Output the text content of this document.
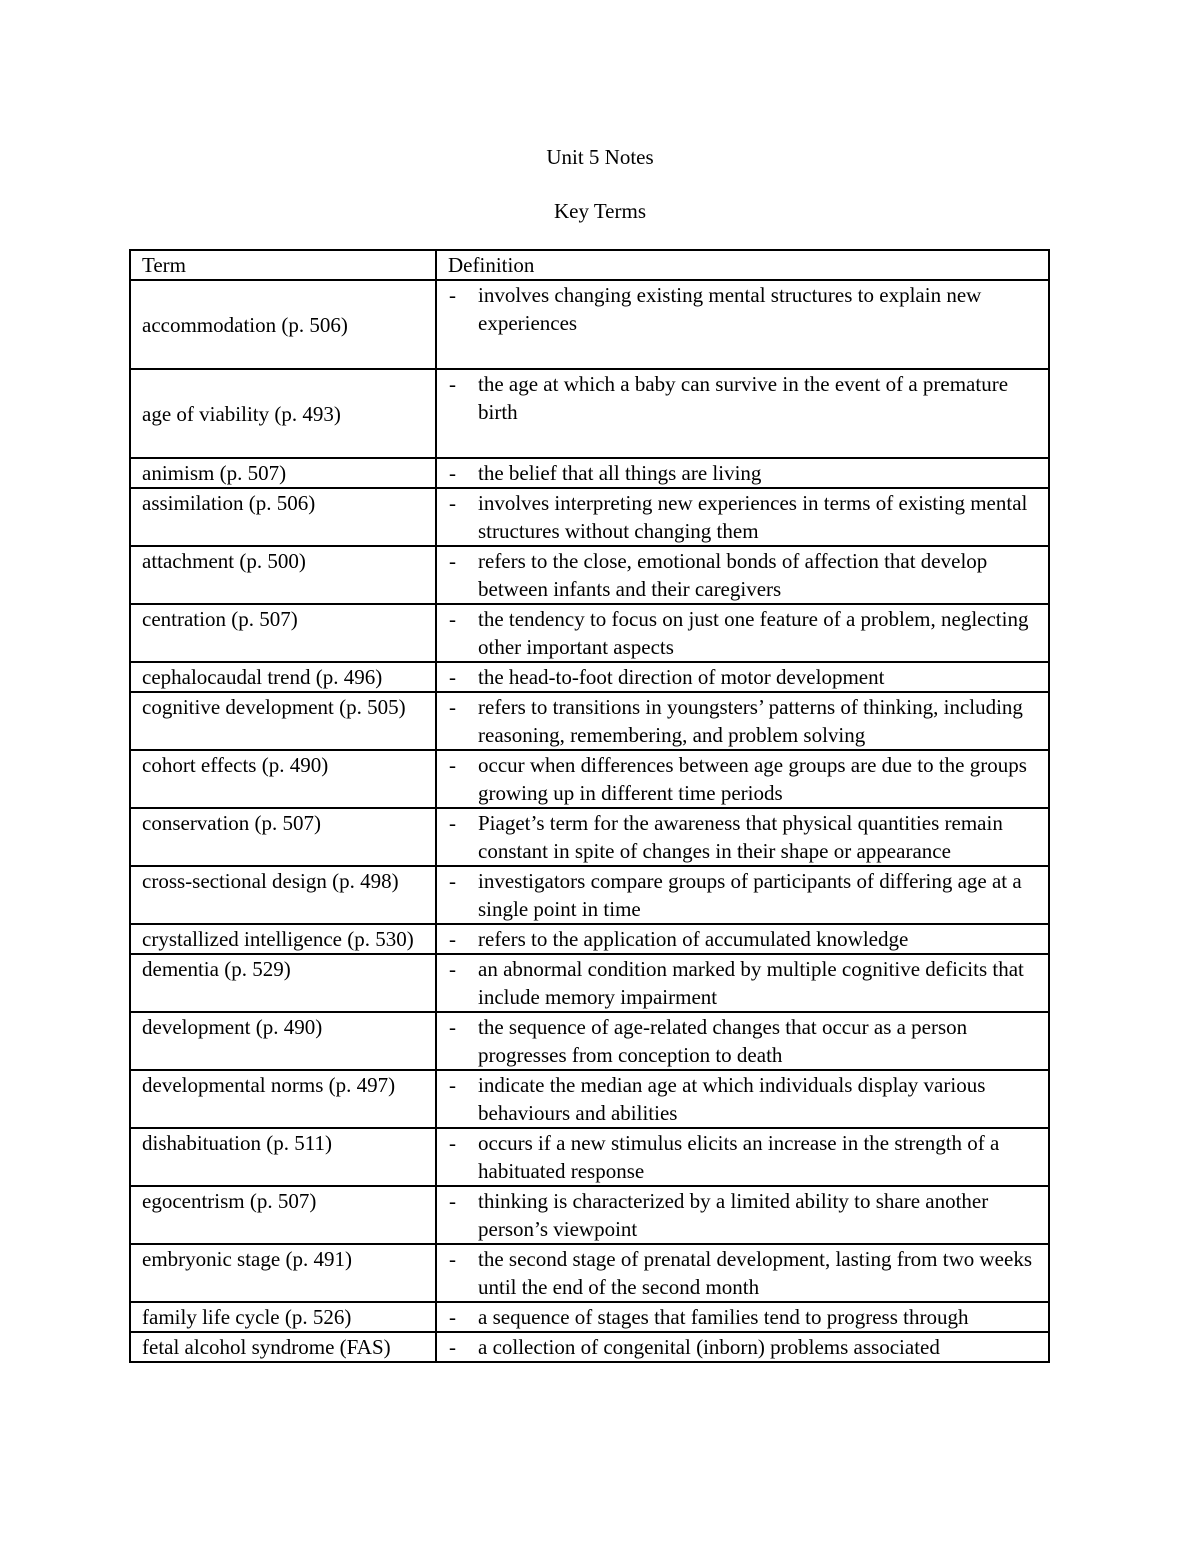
Unit 5 Notes
Key Terms
Term	Definition
accommodation (p. 506)	- involves changing existing mental structures to explain new experiences

age of viability (p. 493)	- the age at which a baby can survive in the event of a premature birth

animism (p. 507)	- the belief that all things are living

assimilation (p. 506)	- involves interpreting new experiences in terms of existing mental structures without changing them

attachment (p. 500)	- refers to the close, emotional bonds of affection that develop between infants and their caregivers

centration (p. 507)	- the tendency to focus on just one feature of a problem, neglecting other important aspects

cephalocaudal trend (p. 496)	- the head-to-foot direction of motor development

cognitive development (p. 505)	- refers to transitions in youngsters’ patterns of thinking, including reasoning, remembering, and problem solving

cohort effects (p. 490)	- occur when differences between age groups are due to the groups growing up in different time periods

conservation (p. 507)	- Piaget’s term for the awareness that physical quantities remain constant in spite of changes in their shape or appearance

cross-sectional design (p. 498)	- investigators compare groups of participants of differing age at a single point in time

crystallized intelligence (p. 530)	- refers to the application of accumulated knowledge

dementia (p. 529)	- an abnormal condition marked by multiple cognitive deficits that include memory impairment

development (p. 490)	- the sequence of age-related changes that occur as a person progresses from conception to death

developmental norms (p. 497)	- indicate the median age at which individuals display various behaviours and abilities

dishabituation (p. 511)	- occurs if a new stimulus elicits an increase in the strength of a habituated response

egocentrism (p. 507)	- thinking is characterized by a limited ability to share another person’s viewpoint

embryonic stage (p. 491)	- the second stage of prenatal development, lasting from two weeks until the end of the second month

family life cycle (p. 526)	- a sequence of stages that families tend to progress through

fetal alcohol syndrome (FAS)	- a collection of congenital (inborn) problems associated
